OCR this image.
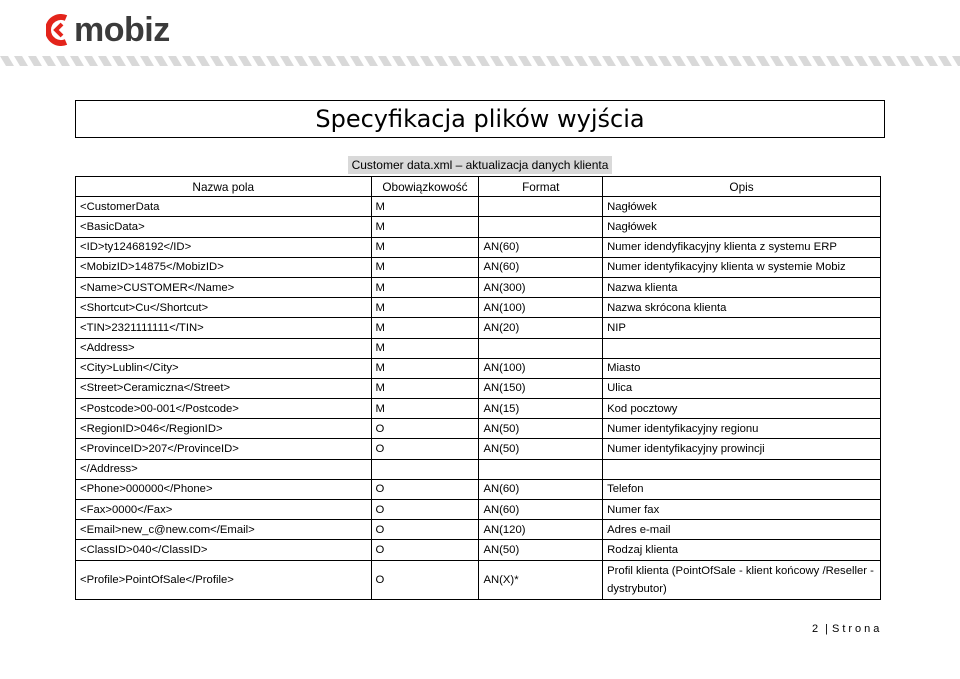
mobiz
Specyfikacja plików wyjścia
Customer data.xml – aktualizacja danych klienta
Nazwa pola	Obowiązkowość	Format	Opis
<CustomerData	M		Nagłówek
<BasicData>	M		Nagłówek
<ID>ty12468192</ID>	M	AN(60)	Numer idendyfikacyjny klienta z systemu ERP
<MobizID>14875</MobizID>	M	AN(60)	Numer identyfikacyjny klienta w systemie Mobiz
<Name>CUSTOMER</Name>	M	AN(300)	Nazwa klienta
<Shortcut>Cu</Shortcut>	M	AN(100)	Nazwa skrócona klienta
<TIN>2321111111</TIN>	M	AN(20)	NIP
<Address>	M		
<City>Lublin</City>	M	AN(100)	Miasto
<Street>Ceramiczna</Street>	M	AN(150)	Ulica
<Postcode>00-001</Postcode>	M	AN(15)	Kod pocztowy
<RegionID>046</RegionID>	O	AN(50)	Numer identyfikacyjny regionu
<ProvinceID>207</ProvinceID>	O	AN(50)	Numer identyfikacyjny prowincji
</Address>			
<Phone>000000</Phone>	O	AN(60)	Telefon
<Fax>0000</Fax>	O	AN(60)	Numer fax
<Email>new_c@new.com</Email>	O	AN(120)	Adres e-mail
<ClassID>040</ClassID>	O	AN(50)	Rodzaj klienta
<Profile>PointOfSale</Profile>	O	AN(X)*	Profil klienta (PointOfSale - klient końcowy /Reseller - dystrybutor)
2 | Strona
